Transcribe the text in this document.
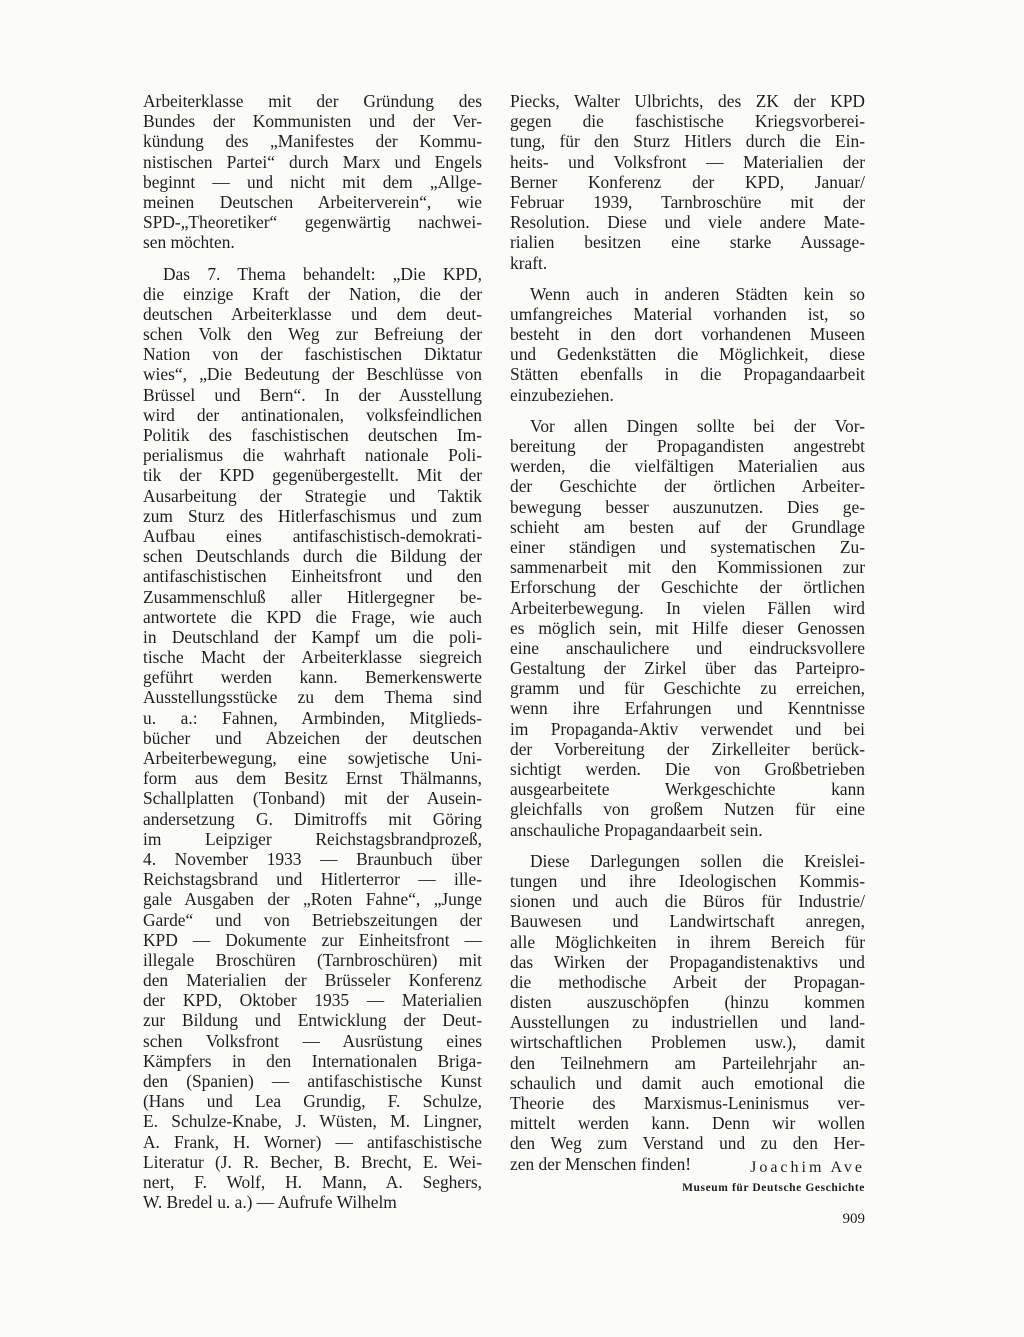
Arbeiterklasse mit der Gründung des
Bundes der Kommunisten und der Ver-
kündung des „Manifestes der Kommu-
nistischen Partei“ durch Marx und Engels
beginnt — und nicht mit dem „Allge-
meinen Deutschen Arbeiterverein“, wie
SPD-„Theoretiker“ gegenwärtig nachwei-
sen möchten.
Das 7. Thema behandelt: „Die KPD,
die einzige Kraft der Nation, die der
deutschen Arbeiterklasse und dem deut-
schen Volk den Weg zur Befreiung der
Nation von der faschistischen Diktatur
wies“, „Die Bedeutung der Beschlüsse von
Brüssel und Bern“. In der Ausstellung
wird der antinationalen, volksfeindlichen
Politik des faschistischen deutschen Im-
perialismus die wahrhaft nationale Poli-
tik der KPD gegenübergestellt. Mit der
Ausarbeitung der Strategie und Taktik
zum Sturz des Hitlerfaschismus und zum
Aufbau eines antifaschistisch-demokrati-
schen Deutschlands durch die Bildung der
antifaschistischen Einheitsfront und den
Zusammenschluß aller Hitlergegner be-
antwortete die KPD die Frage, wie auch
in Deutschland der Kampf um die poli-
tische Macht der Arbeiterklasse siegreich
geführt werden kann. Bemerkenswerte
Ausstellungsstücke zu dem Thema sind
u. a.: Fahnen, Armbinden, Mitglieds-
bücher und Abzeichen der deutschen
Arbeiterbewegung, eine sowjetische Uni-
form aus dem Besitz Ernst Thälmanns,
Schallplatten (Tonband) mit der Ausein-
andersetzung G. Dimitroffs mit Göring
im Leipziger Reichstagsbrandprozeß,
4. November 1933 — Braunbuch über
Reichstagsbrand und Hitlerterror — ille-
gale Ausgaben der „Roten Fahne“, „Junge
Garde“ und von Betriebszeitungen der
KPD — Dokumente zur Einheitsfront —
illegale Broschüren (Tarnbroschüren) mit
den Materialien der Brüsseler Konferenz
der KPD, Oktober 1935 — Materialien
zur Bildung und Entwicklung der Deut-
schen Volksfront — Ausrüstung eines
Kämpfers in den Internationalen Briga-
den (Spanien) — antifaschistische Kunst
(Hans und Lea Grundig, F. Schulze,
E. Schulze-Knabe, J. Wüsten, M. Lingner,
A. Frank, H. Worner) — antifaschistische
Literatur (J. R. Becher, B. Brecht, E. Wei-
nert, F. Wolf, H. Mann, A. Seghers,
W. Bredel u. a.) — Aufrufe Wilhelm
Piecks, Walter Ulbrichts, des ZK der KPD
gegen die faschistische Kriegsvorberei-
tung, für den Sturz Hitlers durch die Ein-
heits- und Volksfront — Materialien der
Berner Konferenz der KPD, Januar/
Februar 1939, Tarnbroschüre mit der
Resolution. Diese und viele andere Mate-
rialien besitzen eine starke Aussage-
kraft.
Wenn auch in anderen Städten kein so
umfangreiches Material vorhanden ist, so
besteht in den dort vorhandenen Museen
und Gedenkstätten die Möglichkeit, diese
Stätten ebenfalls in die Propagandaarbeit
einzubeziehen.
Vor allen Dingen sollte bei der Vor-
bereitung der Propagandisten angestrebt
werden, die vielfältigen Materialien aus
der Geschichte der örtlichen Arbeiter-
bewegung besser auszunutzen. Dies ge-
schieht am besten auf der Grundlage
einer ständigen und systematischen Zu-
sammenarbeit mit den Kommissionen zur
Erforschung der Geschichte der örtlichen
Arbeiterbewegung. In vielen Fällen wird
es möglich sein, mit Hilfe dieser Genossen
eine anschaulichere und eindrucksvollere
Gestaltung der Zirkel über das Parteipro-
gramm und für Geschichte zu erreichen,
wenn ihre Erfahrungen und Kenntnisse
im Propaganda-Aktiv verwendet und bei
der Vorbereitung der Zirkelleiter berück-
sichtigt werden. Die von Großbetrieben
ausgearbeitete Werkgeschichte kann
gleichfalls von großem Nutzen für eine
anschauliche Propagandaarbeit sein.
Diese Darlegungen sollen die Kreislei-
tungen und ihre Ideologischen Kommis-
sionen und auch die Büros für Industrie/
Bauwesen und Landwirtschaft anregen,
alle Möglichkeiten in ihrem Bereich für
das Wirken der Propagandistenaktivs und
die methodische Arbeit der Propagan-
disten auszuschöpfen (hinzu kommen
Ausstellungen zu industriellen und land-
wirtschaftlichen Problemen usw.), damit
den Teilnehmern am Parteilehrjahr an-
schaulich und damit auch emotional die
Theorie des Marxismus-Leninismus ver-
mittelt werden kann. Denn wir wollen
den Weg zum Verstand und zu den Her-
zen der Menschen finden!	Joachim Ave
Museum für Deutsche Geschichte
909
